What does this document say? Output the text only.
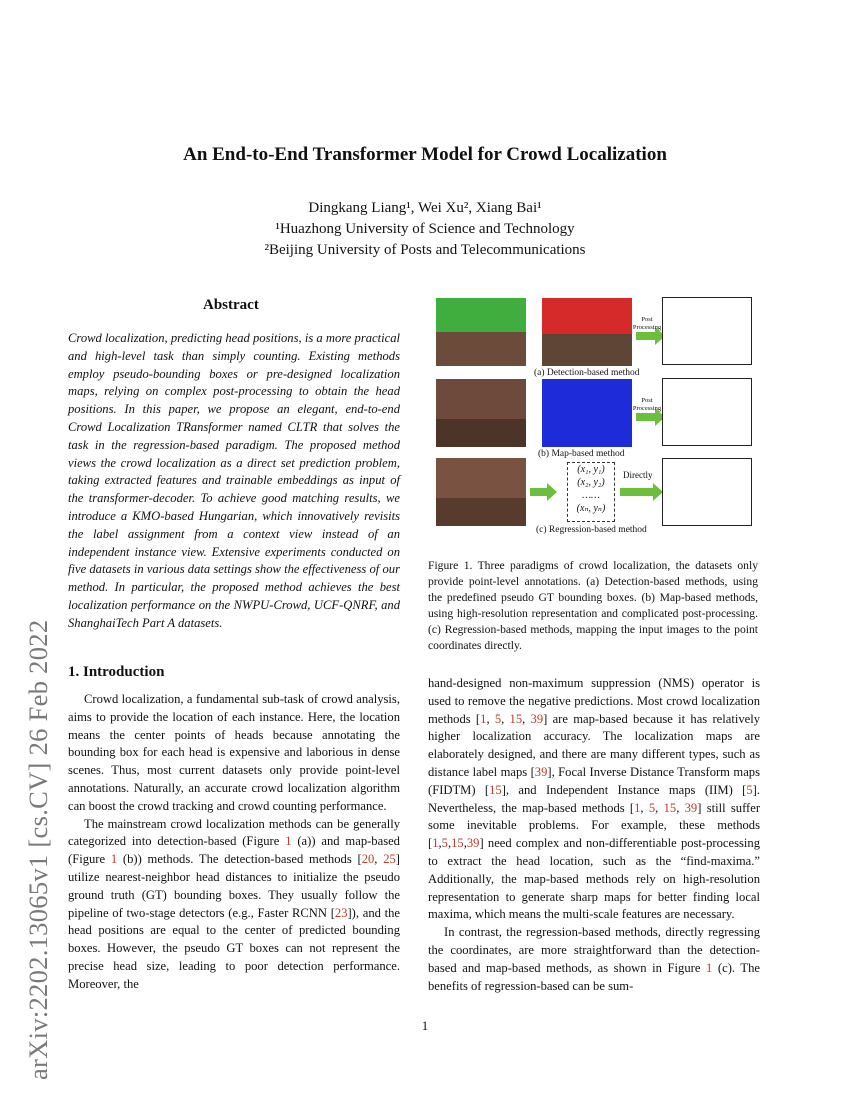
arXiv:2202.13065v1 [cs.CV] 26 Feb 2022
An End-to-End Transformer Model for Crowd Localization
Dingkang Liang¹, Wei Xu², Xiang Bai¹
¹Huazhong University of Science and Technology
²Beijing University of Posts and Telecommunications
Abstract
Crowd localization, predicting head positions, is a more practical and high-level task than simply counting. Existing methods employ pseudo-bounding boxes or pre-designed localization maps, relying on complex post-processing to obtain the head positions. In this paper, we propose an elegant, end-to-end Crowd Localization TRansformer named CLTR that solves the task in the regression-based paradigm. The proposed method views the crowd localization as a direct set prediction problem, taking extracted features and trainable embeddings as input of the transformer-decoder. To achieve good matching results, we introduce a KMO-based Hungarian, which innovatively revisits the label assignment from a context view instead of an independent instance view. Extensive experiments conducted on five datasets in various data settings show the effectiveness of our method. In particular, the proposed method achieves the best localization performance on the NWPU-Crowd, UCF-QNRF, and ShanghaiTech Part A datasets.
1. Introduction
Crowd localization, a fundamental sub-task of crowd analysis, aims to provide the location of each instance. Here, the location means the center points of heads because annotating the bounding box for each head is expensive and laborious in dense scenes. Thus, most current datasets only provide point-level annotations. Naturally, an accurate crowd localization algorithm can boost the crowd tracking and crowd counting performance.
The mainstream crowd localization methods can be generally categorized into detection-based (Figure 1 (a)) and map-based (Figure 1 (b)) methods. The detection-based methods [20, 25] utilize nearest-neighbor head distances to initialize the pseudo ground truth (GT) bounding boxes. They usually follow the pipeline of two-stage detectors (e.g., Faster RCNN [23]), and the head positions are equal to the center of predicted bounding boxes. However, the pseudo GT boxes can not represent the precise head size, leading to poor detection performance. Moreover, the
Post Processing
(a) Detection-based method
Post Processing
(b) Map-based method
(x₁, y₁)
(x₂, y₂)
……
(xₙ, yₙ)
Directly
(c) Regression-based method
Figure 1. Three paradigms of crowd localization, the datasets only provide point-level annotations. (a) Detection-based methods, using the predefined pseudo GT bounding boxes. (b) Map-based methods, using high-resolution representation and complicated post-processing. (c) Regression-based methods, mapping the input images to the point coordinates directly.
hand-designed non-maximum suppression (NMS) operator is used to remove the negative predictions. Most crowd localization methods [1, 5, 15, 39] are map-based because it has relatively higher localization accuracy. The localization maps are elaborately designed, and there are many different types, such as distance label maps [39], Focal Inverse Distance Transform maps (FIDTM) [15], and Independent Instance maps (IIM) [5]. Nevertheless, the map-based methods [1, 5, 15, 39] still suffer some inevitable problems. For example, these methods [1,5,15,39] need complex and non-differentiable post-processing to extract the head location, such as the “find-maxima.” Additionally, the map-based methods rely on high-resolution representation to generate sharp maps for better finding local maxima, which means the multi-scale features are necessary.
In contrast, the regression-based methods, directly regressing the coordinates, are more straightforward than the detection-based and map-based methods, as shown in Figure 1 (c). The benefits of regression-based can be sum-
1
